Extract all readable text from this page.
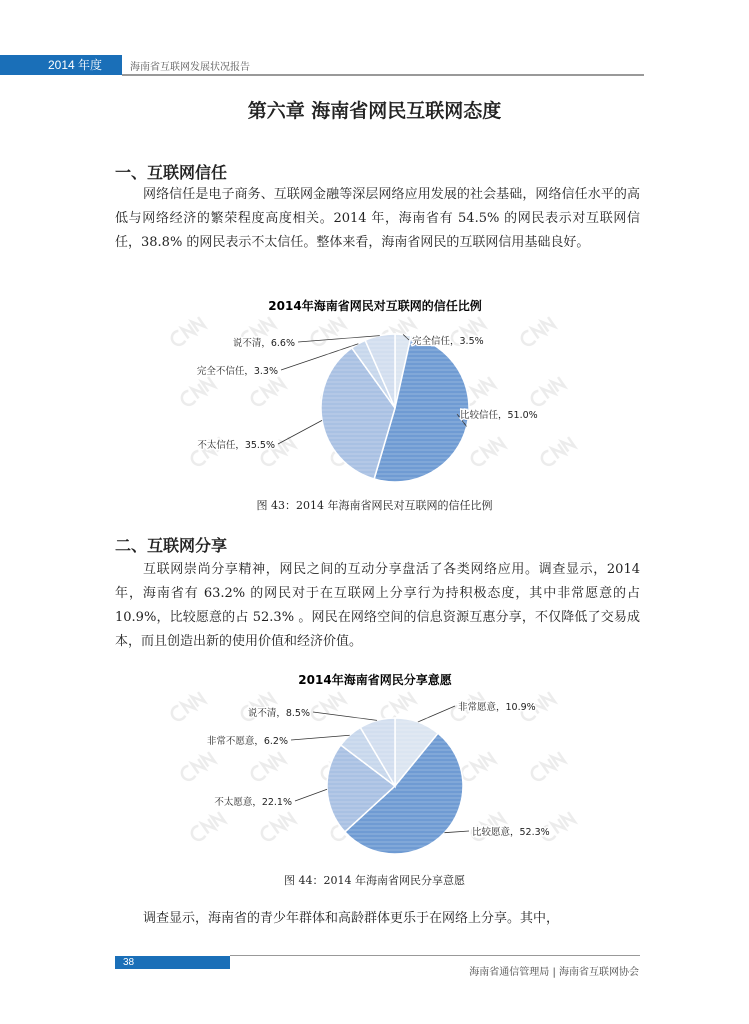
2014 年度	海南省互联网发展状况报告
第六章 海南省网民互联网态度
一、互联网信任
网络信任是电子商务、互联网金融等深层网络应用发展的社会基础，网络信任水平的高低与网络经济的繁荣程度高度相关。2014 年，海南省有 54.5% 的网民表示对互联网信任，38.8% 的网民表示不太信任。整体来看，海南省网民的互联网信用基础良好。
2014年海南省网民对互联网的信任比例
完全信任，3.5%
比较信任，51.0%
不太信任，35.5%
完全不信任，3.3%
说不清，6.6%
图 43：2014 年海南省网民对互联网的信任比例
二、互联网分享
互联网崇尚分享精神，网民之间的互动分享盘活了各类网络应用。调查显示，2014 年，海南省有 63.2% 的网民对于在互联网上分享行为持积极态度，其中非常愿意的占 10.9%，比较愿意的占 52.3% 。网民在网络空间的信息资源互惠分享，不仅降低了交易成本，而且创造出新的使用价值和经济价值。
2014年海南省网民分享意愿
非常愿意，10.9%
比较愿意，52.3%
不太愿意，22.1%
非常不愿意，6.2%
说不清，8.5%
图 44：2014 年海南省网民分享意愿
调查显示，海南省的青少年群体和高龄群体更乐于在网络上分享。其中，
38
海南省通信管理局 | 海南省互联网协会
